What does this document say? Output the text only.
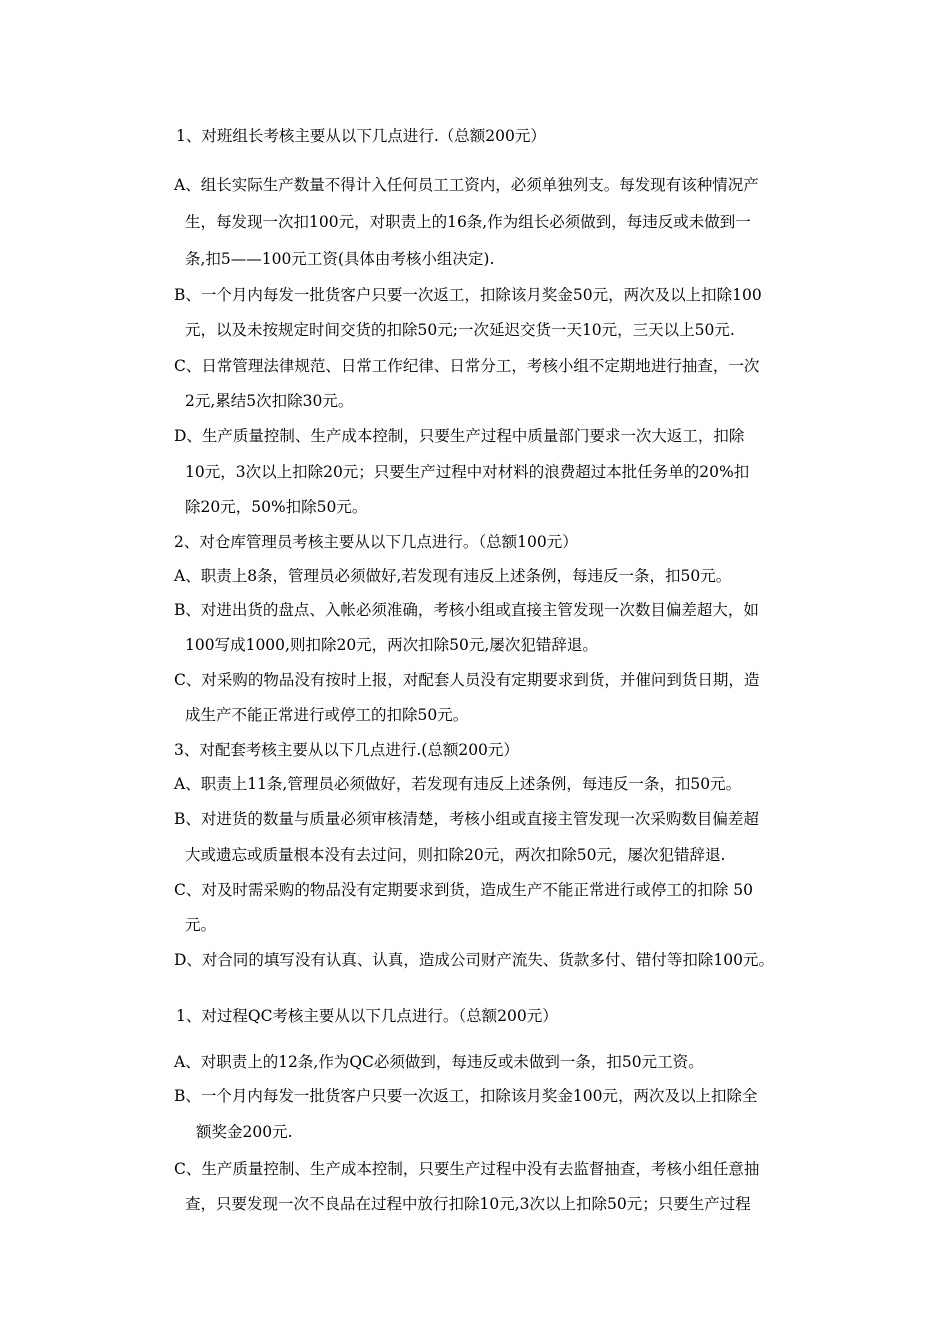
1、对班组长考核主要从以下几点进行.（总额200元）
A、组长实际生产数量不得计入任何员工工资内，必须单独列支。每发现有该种情况产
生，每发现一次扣100元，对职责上的16条,作为组长必须做到，每违反或未做到一
条,扣5——100元工资(具体由考核小组决定).
B、一个月内每发一批货客户只要一次返工，扣除该月奖金50元，两次及以上扣除100
元，以及未按规定时间交货的扣除50元;一次延迟交货一天10元，三天以上50元.
C、日常管理法律规范、日常工作纪律、日常分工，考核小组不定期地进行抽查，一次
2元,累结5次扣除30元。
D、生产质量控制、生产成本控制，只要生产过程中质量部门要求一次大返工，扣除
10元，3次以上扣除20元；只要生产过程中对材料的浪费超过本批任务单的20%扣
除20元，50%扣除50元。
2、对仓库管理员考核主要从以下几点进行。（总额100元）
A、职责上8条，管理员必须做好,若发现有违反上述条例，每违反一条，扣50元。
B、对进出货的盘点、入帐必须准确，考核小组或直接主管发现一次数目偏差超大，如
100写成1000,则扣除20元，两次扣除50元,屡次犯错辞退。
C、对采购的物品没有按时上报，对配套人员没有定期要求到货，并催问到货日期，造
成生产不能正常进行或停工的扣除50元。
3、对配套考核主要从以下几点进行.(总额200元）
A、职责上11条,管理员必须做好，若发现有违反上述条例，每违反一条，扣50元。
B、对进货的数量与质量必须审核清楚，考核小组或直接主管发现一次采购数目偏差超
大或遗忘或质量根本没有去过问，则扣除20元，两次扣除50元，屡次犯错辞退.
C、对及时需采购的物品没有定期要求到货，造成生产不能正常进行或停工的扣除 50
元。
D、对合同的填写没有认真、认真，造成公司财产流失、货款多付、错付等扣除100元。
1、对过程QC考核主要从以下几点进行。（总额200元）
A、对职责上的12条,作为QC必须做到，每违反或未做到一条，扣50元工资。
B、一个月内每发一批货客户只要一次返工，扣除该月奖金100元，两次及以上扣除全
额奖金200元.
C、生产质量控制、生产成本控制，只要生产过程中没有去监督抽查，考核小组任意抽
查，只要发现一次不良品在过程中放行扣除10元,3次以上扣除50元；只要生产过程
